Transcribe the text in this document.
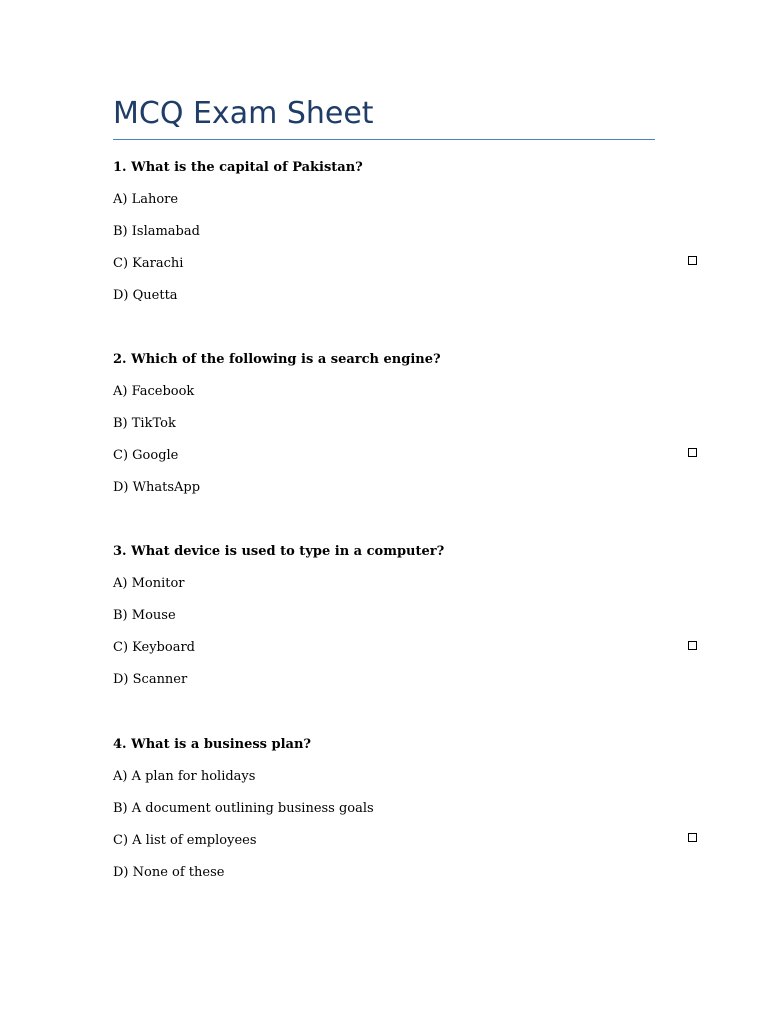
MCQ Exam Sheet

1. What is the capital of Pakistan?

A) Lahore
B) Islamabad
C) Karachi
D) Quetta

2. Which of the following is a search engine?

A) Facebook
B) TikTok
C) Google
D) WhatsApp

3. What device is used to type in a computer?

A) Monitor
B) Mouse
C) Keyboard
D) Scanner

4. What is a business plan?

A) A plan for holidays
B) A document outlining business goals
C) A list of employees
D) None of these
